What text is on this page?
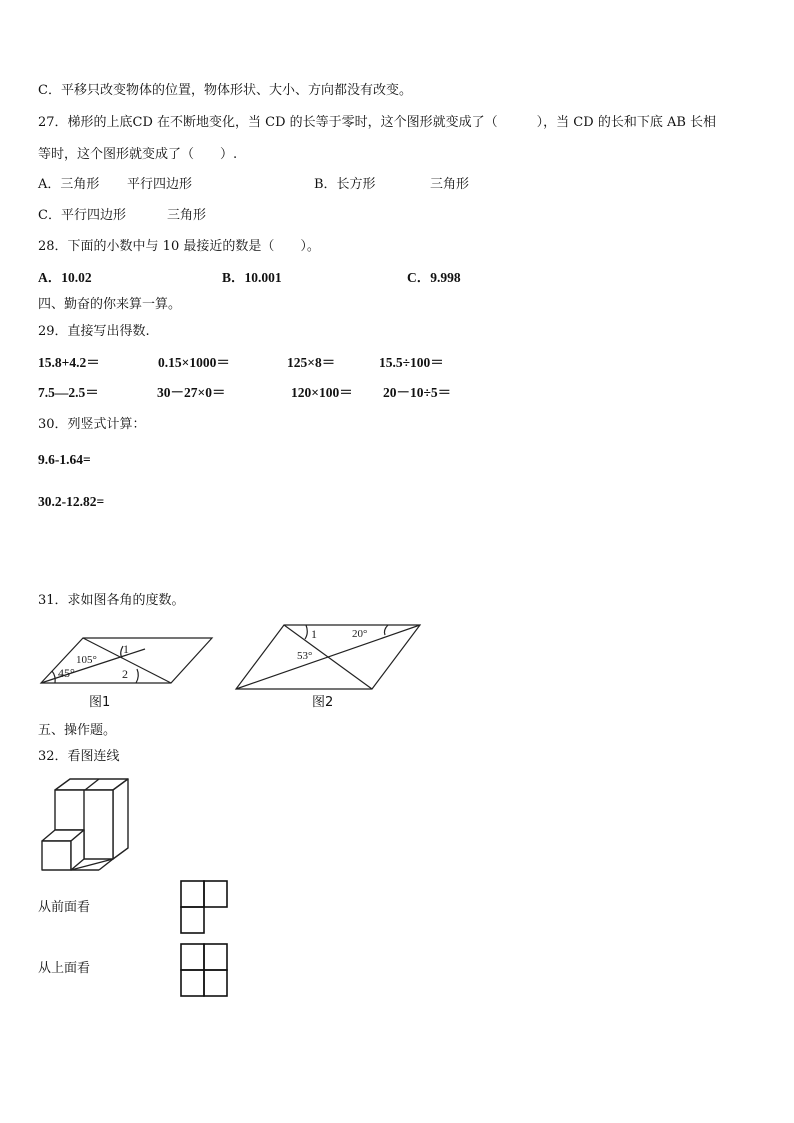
C．平移只改变物体的位置，物体形状、大小、方向都没有改变。
27．梯形的上底CD 在不断地变化，当 CD 的长等于零时，这个图形就变成了（　　　），当 CD 的长和下底 AB 长相
等时，这个图形就变成了（　　）.
A．三角形 平行四边形	B．长方形	三角形
C．平行四边形	三角形
28．下面的小数中与 10 最接近的数是（　　）。
A．10.02	B．10.001	C．9.998
四、勤奋的你来算一算。
29．直接写出得数.
15.8+4.2＝	0.15×1000＝	125×8＝	15.5÷100＝
7.5—2.5＝	30－27×0＝	120×100＝ 20－10÷5＝
30．列竖式计算：
9.6-1.64=
30.2-12.82=
31．求如图各角的度数。
105°
45°
1
2
图1
1	20°
53°
图2
五、操作题。
32．看图连线
从前面看
从上面看
